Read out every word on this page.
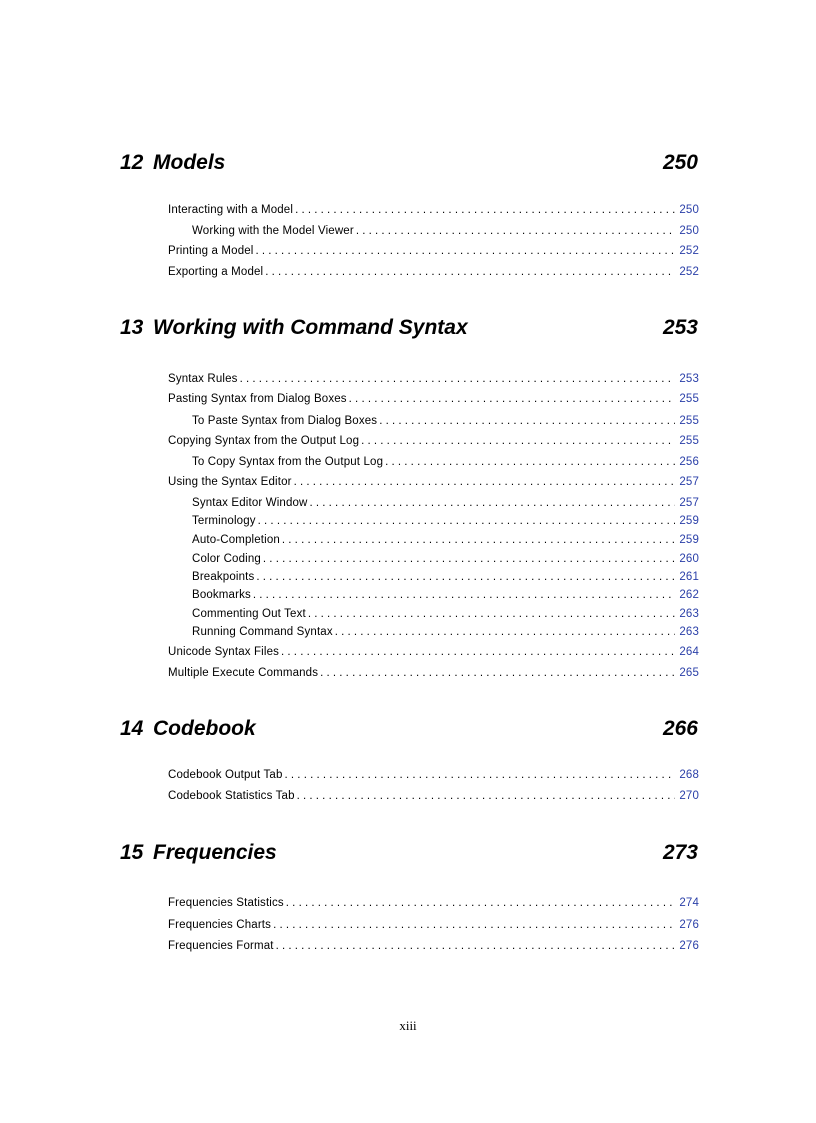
12 Models	250
Interacting with a Model . . .	250
Working with the Model Viewer . . .	250
Printing a Model . . .	252
Exporting a Model . . .	252
13 Working with Command Syntax	253
Syntax Rules . . .	253
Pasting Syntax from Dialog Boxes . . .	255
To Paste Syntax from Dialog Boxes . . .	255
Copying Syntax from the Output Log . . .	255
To Copy Syntax from the Output Log . . .	256
Using the Syntax Editor . . .	257
Syntax Editor Window . . .	257
Terminology . . .	259
Auto-Completion . . .	259
Color Coding . . .	260
Breakpoints . . .	261
Bookmarks . . .	262
Commenting Out Text . . .	263
Running Command Syntax . . .	263
Unicode Syntax Files . . .	264
Multiple Execute Commands . . .	265
14 Codebook	266
Codebook Output Tab . . .	268
Codebook Statistics Tab . . .	270
15 Frequencies	273
Frequencies Statistics . . .	274
Frequencies Charts . . .	276
Frequencies Format . . .	276
xiii
